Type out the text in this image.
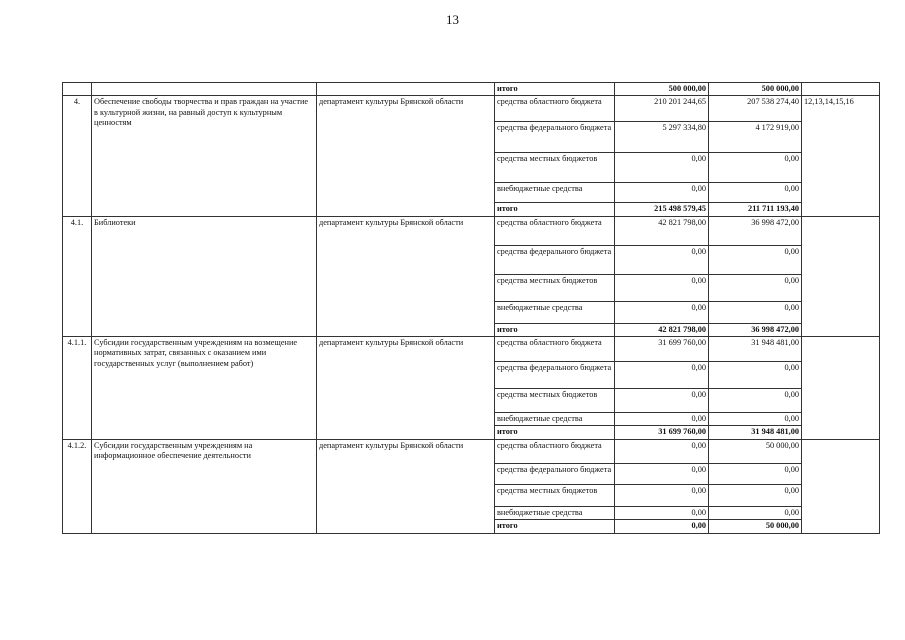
13
			итого	500 000,00	500 000,00	
4.	Обеспечение свободы творчества и прав граждан на участие в культурной жизни, на равный доступ к культурным ценностям	департамент культуры Брянской области	средства областного бюджета	210 201 244,65	207 538 274,40	12,13,14,15,16
			средства федерального бюджета	5 297 334,80	4 172 919,00	
			средства местных бюджетов	0,00	0,00	
			внебюджетные средства	0,00	0,00	
			итого	215 498 579,45	211 711 193,40	
4.1.	Библиотеки	департамент культуры Брянской области	средства областного бюджета	42 821 798,00	36 998 472,00	
			средства федерального бюджета	0,00	0,00	
			средства местных бюджетов	0,00	0,00	
			внебюджетные средства	0,00	0,00	
			итого	42 821 798,00	36 998 472,00	
4.1.1.	Субсидии государственным учреждениям на возмещение нормативных затрат, связанных с оказанием ими государственных услуг (выполнением работ)	департамент культуры Брянской области	средства областного бюджета	31 699 760,00	31 948 481,00	
			средства федерального бюджета	0,00	0,00	
			средства местных бюджетов	0,00	0,00	
			внебюджетные средства	0,00	0,00	
			итого	31 699 760,00	31 948 481,00	
4.1.2.	Субсидии государственным учреждениям на информационное обеспечение деятельности	департамент культуры Брянской области	средства областного бюджета	0,00	50 000,00	
			средства федерального бюджета	0,00	0,00	
			средства местных бюджетов	0,00	0,00	
			внебюджетные средства	0,00	0,00	
			итого	0,00	50 000,00	
